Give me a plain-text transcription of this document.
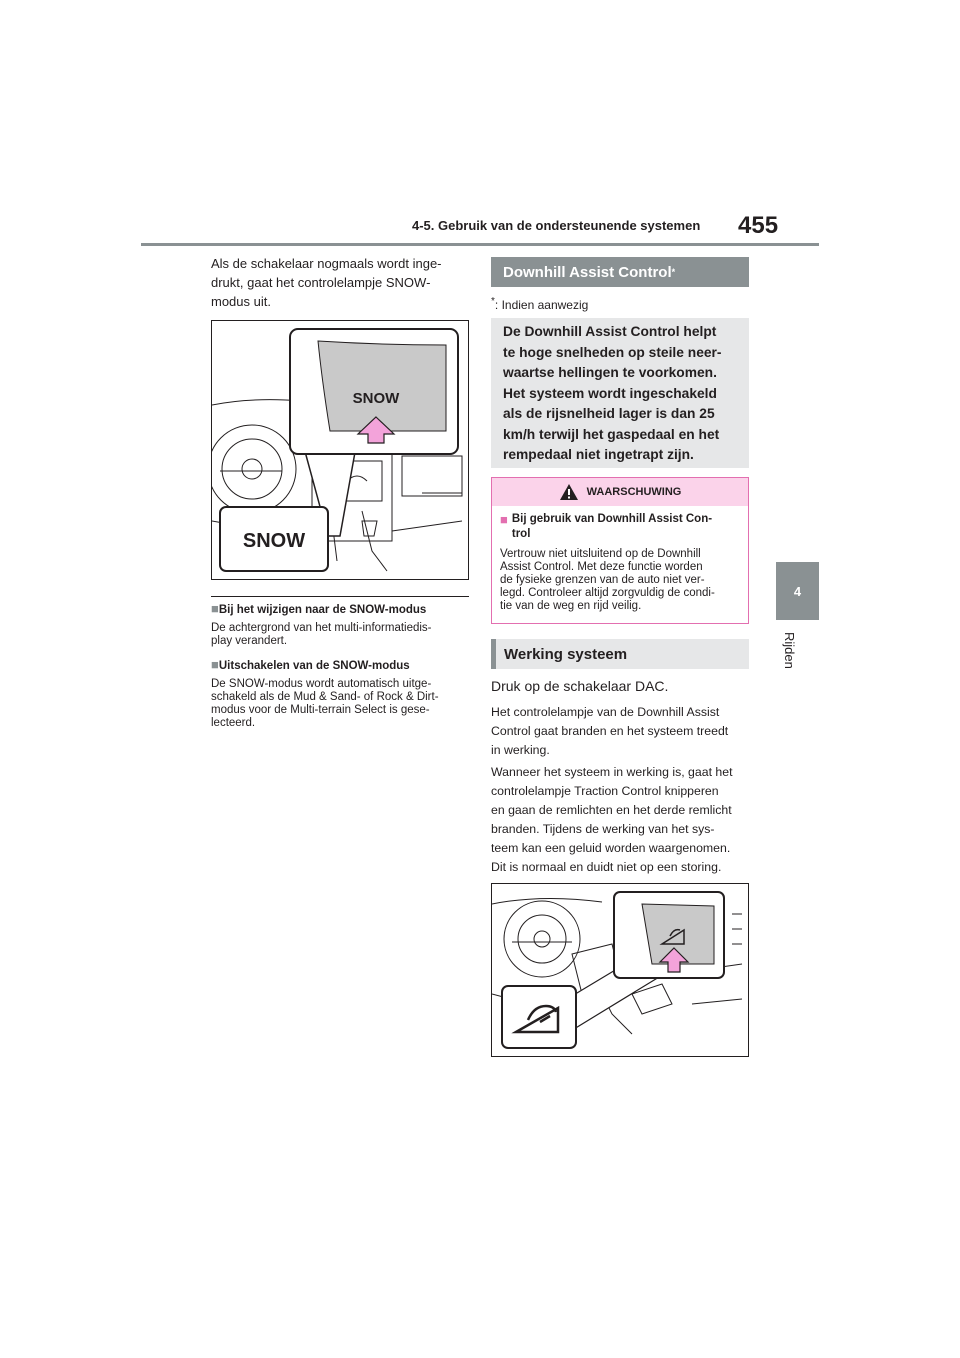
4-5. Gebruik van de ondersteunende systemen 455
4
Rijden

Als de schakelaar nogmaals wordt inge-

drukt, gaat het controlelampje SNOW-

modus uit.

SNOW
SNOW
■Bij het wijzigen naar de SNOW-modus

De achtergrond van het multi-informatiedis-

play verandert.

■Uitschakelen van de SNOW-modus

De SNOW-modus wordt automatisch uitge-

schakeld als de Mud & Sand- of Rock & Dirt-

modus voor de Multi-terrain Select is gese-

lecteerd.

Downhill Assist Control *
*: Indien aanwezig
De Downhill Assist Control helpt
te hoge snelheden op steile neer-
waartse hellingen te voorkomen.
Het systeem wordt ingeschakeld
als de rijsnelheid lager is dan 25
km/h terwijl het gaspedaal en het
rempedaal niet ingetrapt zijn.
WAARSCHUWING
■ Bij gebruik van Downhill Assist Con-
trol

Vertrouw niet uitsluitend op de Downhill

Assist Control. Met deze functie worden

de fysieke grenzen van de auto niet ver-

legd. Controleer altijd zorgvuldig de condi-

tie van de weg en rijd veilig.

Werking systeem
Druk op de schakelaar DAC.

Het controlelampje van de Downhill Assist

Control gaat branden en het systeem treedt

in werking.

Wanneer het systeem in werking is, gaat het

controlelampje Traction Control knipperen

en gaan de remlichten en het derde remlicht

branden. Tijdens de werking van het sys-

teem kan een geluid worden waargenomen.

Dit is normaal en duidt niet op een storing.
